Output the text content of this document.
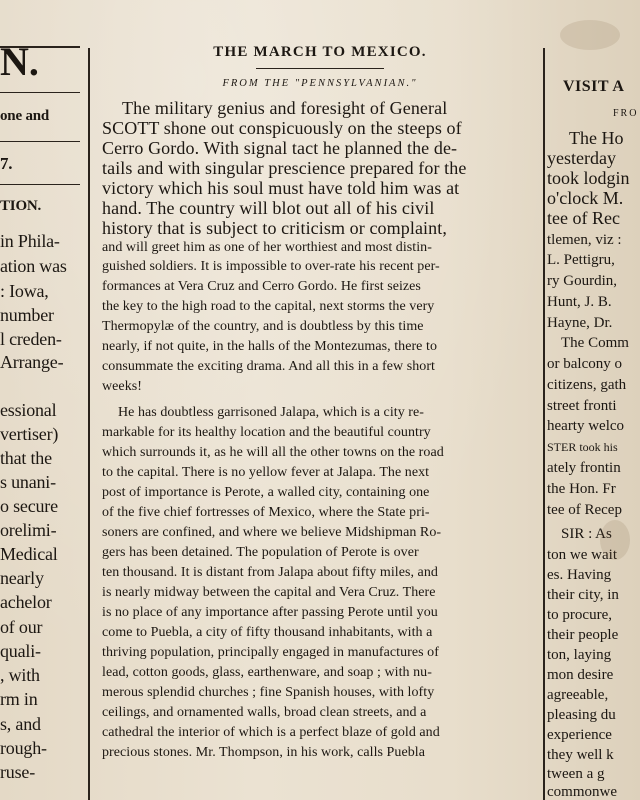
N.
one and
7.
TION.
in Phila-
ation was
: Iowa,
number
l creden-
Arrange-
essional
vertiser)
that the
s unani-
o secure
orelimi-
Medical
nearly
achelor
of our
quali-
, with
rm in
s, and
rough-
ruse-
THE MARCH TO MEXICO.
FROM THE "PENNSYLVANIAN."
The military genius and foresight of General
SCOTT shone out conspicuously on the steeps of
Cerro Gordo. With signal tact he planned the de-
tails and with singular prescience prepared for the
victory which his soul must have told him was at
hand. The country will blot out all of his civil
history that is subject to criticism or complaint,
and will greet him as one of her worthiest and most distin-
guished soldiers. It is impossible to over-rate his recent per-
formances at Vera Cruz and Cerro Gordo. He first seizes
the key to the high road to the capital, next storms the very
Thermopylæ of the country, and is doubtless by this time
nearly, if not quite, in the halls of the Montezumas, there to
consummate the exciting drama. And all this in a few short
weeks!
He has doubtless garrisoned Jalapa, which is a city re-
markable for its healthy location and the beautiful country
which surrounds it, as he will all the other towns on the road
to the capital. There is no yellow fever at Jalapa. The next
post of importance is Perote, a walled city, containing one
of the five chief fortresses of Mexico, where the State pri-
soners are confined, and where we believe Midshipman Ro-
gers has been detained. The population of Perote is over
ten thousand. It is distant from Jalapa about fifty miles, and
is nearly midway between the capital and Vera Cruz. There
is no place of any importance after passing Perote until you
come to Puebla, a city of fifty thousand inhabitants, with a
thriving population, principally engaged in manufactures of
lead, cotton goods, glass, earthenware, and soap ; with nu-
merous splendid churches ; fine Spanish houses, with lofty
ceilings, and ornamented walls, broad clean streets, and a
cathedral the interior of which is a perfect blaze of gold and
precious stones. Mr. Thompson, in his work, calls Puebla
VISIT A
FRO
The Ho
yesterday
took lodgin
o'clock M.
tee of Rec
tlemen, viz :
L. Pettigru,
ry Gourdin,
Hunt, J. B.
Hayne, Dr.
The Comm
or balcony o
citizens, gath
street fronti
hearty welco
STER took his
ately frontin
the Hon. Fr
tee of Recep
SIR : As
ton we wait
es. Having
their city, in
to procure,
their people
ton, laying
mon desire
agreeable,
pleasing du
experience
they well k
tween a g
commonwe
